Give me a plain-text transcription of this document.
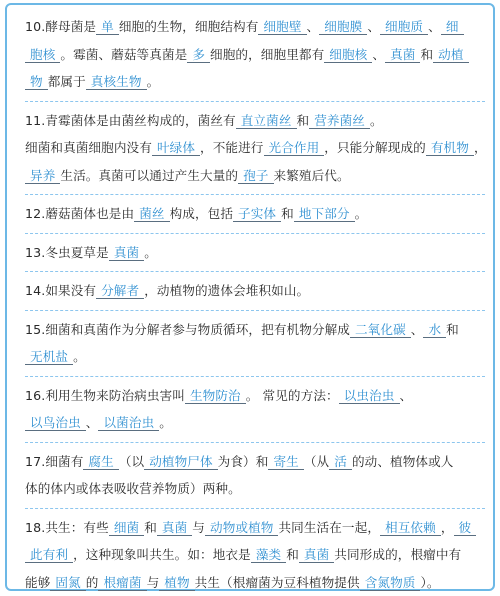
10.酵母菌是 单 细胞的生物，细胞结构有 细胞壁 、 细胞膜 、 细胞质 、 细
胞核 。霉菌、蘑菇等真菌是 多 细胞的，细胞里都有 细胞核 、 真菌 和 动植
物 都属于 真核生物 。
11.青霉菌体是由菌丝构成的，菌丝有 直立菌丝 和 营养菌丝 。
细菌和真菌细胞内没有 叶绿体 ，不能进行 光合作用 ，只能分解现成的 有机物 ，
异养 生活。真菌可以通过产生大量的 孢子 来繁殖后代。
12.蘑菇菌体也是由 菌丝 构成，包括 子实体 和 地下部分 。
13.冬虫夏草是 真菌 。
14.如果没有 分解者 ，动植物的遗体会堆积如山。
15.细菌和真菌作为分解者参与物质循环，把有机物分解成 二氧化碳 、 水 和
无机盐 。
16.利用生物来防治病虫害叫 生物防治 。 常见的方法： 以虫治虫 、
以鸟治虫 、 以菌治虫 。
17.细菌有 腐生 （以 动植物尸体 为食）和 寄生 （从 活 的动、植物体或人
体的体内或体表吸收营养物质）两种。
18.共生：有些 细菌 和 真菌 与 动物或植物 共同生活在一起， 相互依赖 ， 彼
此有利 ，这种现象叫共生。如：地衣是 藻类 和 真菌 共同形成的，根瘤中有
能够 固氮 的 根瘤菌 与 植物 共生（根瘤菌为豆科植物提供 含氮物质 ）。
